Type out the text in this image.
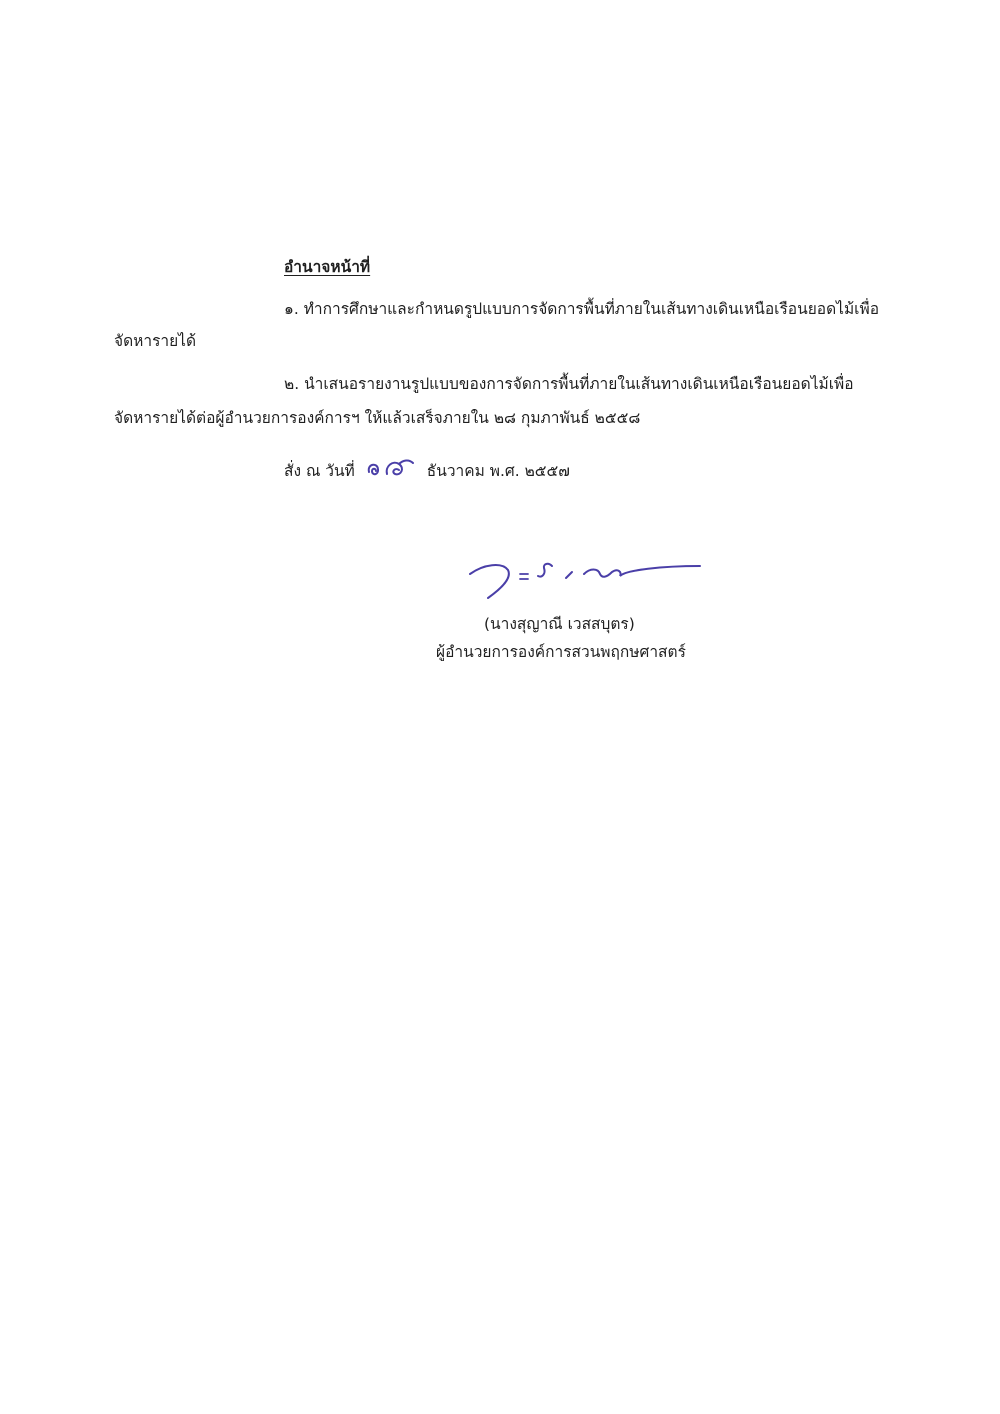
อำนาจหน้าที่
๑. ทำการศึกษาและกำหนดรูปแบบการจัดการพื้นที่ภายในเส้นทางเดินเหนือเรือนยอดไม้เพื่อ
จัดหารายได้
๒. นำเสนอรายงานรูปแบบของการจัดการพื้นที่ภายในเส้นทางเดินเหนือเรือนยอดไม้เพื่อ
จัดหารายได้ต่อผู้อำนวยการองค์การฯ ให้แล้วเสร็จภายใน ๒๘ กุมภาพันธ์ ๒๕๕๘
สั่ง ณ วันที่	ธันวาคม พ.ศ. ๒๕๕๗
(นางสุญาณี เวสสบุตร)
ผู้อำนวยการองค์การสวนพฤกษศาสตร์
